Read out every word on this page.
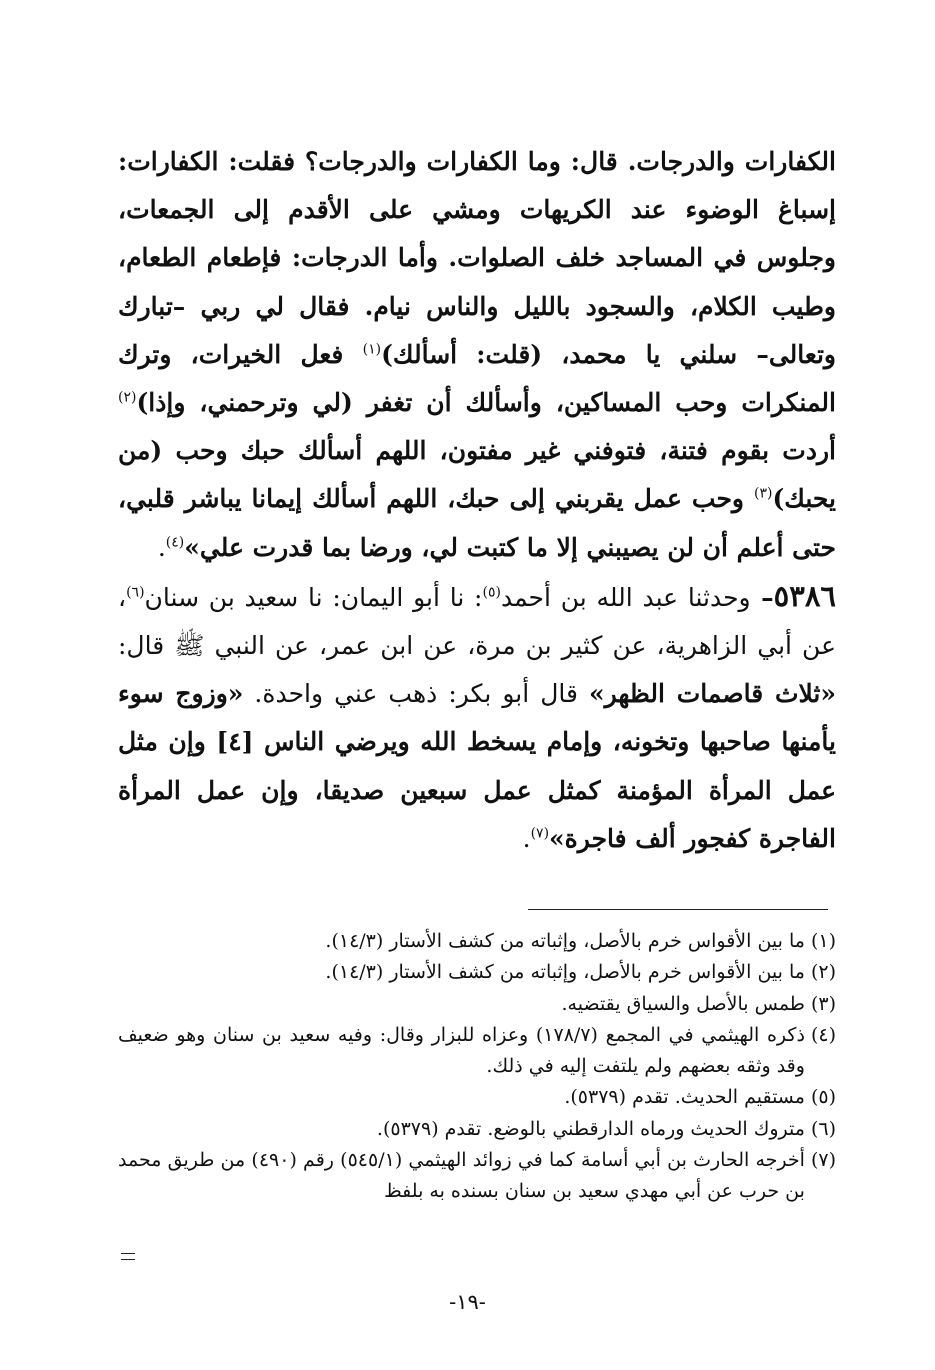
الكفارات والدرجات. قال: وما الكفارات والدرجات؟ فقلت: الكفارات: إسباغ الوضوء عند الكريهات ومشي على الأقدم إلى الجمعات، وجلوس في المساجد خلف الصلوات. وأما الدرجات: فإطعام الطعام، وطيب الكلام، والسجود بالليل والناس نيام. فقال لي ربي –تبارك وتعالى– سلني يا محمد، (قلت: أسألك)$^{(١)}$ فعل الخيرات، وترك المنكرات وحب المساكين، وأسألك أن تغفر (لي وترحمني، وإذا)$^{(٢)}$ أردت بقوم فتنة، فتوفني غير مفتون، اللهم أسألك حبك وحب (من يحبك)$^{(٣)}$ وحب عمل يقربني إلى حبك، اللهم أسألك إيمانا يباشر قلبي، حتى أعلم أن لن يصيبني إلا ما كتبت لي، ورضا بما قدرت علي»$^{(٤)}$.

٥٣٨٦– وحدثنا عبد الله بن أحمد$^{(٥)}$: نا أبو اليمان: نا سعيد بن سنان$^{(٦)}$، عن أبي الزاهرية، عن كثير بن مرة، عن ابن عمر، عن النبي ﷺ قال: «ثلاث قاصمات الظهر» قال أبو بكر: ذهب عني واحدة. «وزوج سوء يأمنها صاحبها وتخونه، وإمام يسخط الله ويرضي الناس [٤] وإن مثل عمل المرأة المؤمنة كمثل عمل سبعين صديقا، وإن عمل المرأة الفاجرة كفجور ألف فاجرة»$^{(٧)}$.

(١)
ما بين الأقواس خرم بالأصل، وإثباته من كشف الأستار (١٤/٣).
(٢)
ما بين الأقواس خرم بالأصل، وإثباته من كشف الأستار (١٤/٣).
(٣)
طمس بالأصل والسياق يقتضيه.
(٤)
ذكره الهيثمي في المجمع (١٧٨/٧) وعزاه للبزار وقال: وفيه سعيد بن سنان وهو ضعيف وقد وثقه بعضهم ولم يلتفت إليه في ذلك.
(٥)
مستقيم الحديث. تقدم (٥٣٧٩).
(٦)
متروك الحديث ورماه الدارقطني بالوضع. تقدم (٥٣٧٩).
(٧)
أخرجه الحارث بن أبي أسامة كما في زوائد الهيثمي (٥٤٥/١) رقم (٤٩٠) من طريق محمد بن حرب عن أبي مهدي سعيد بن سنان بسنده به بلفظ
-١٩-
